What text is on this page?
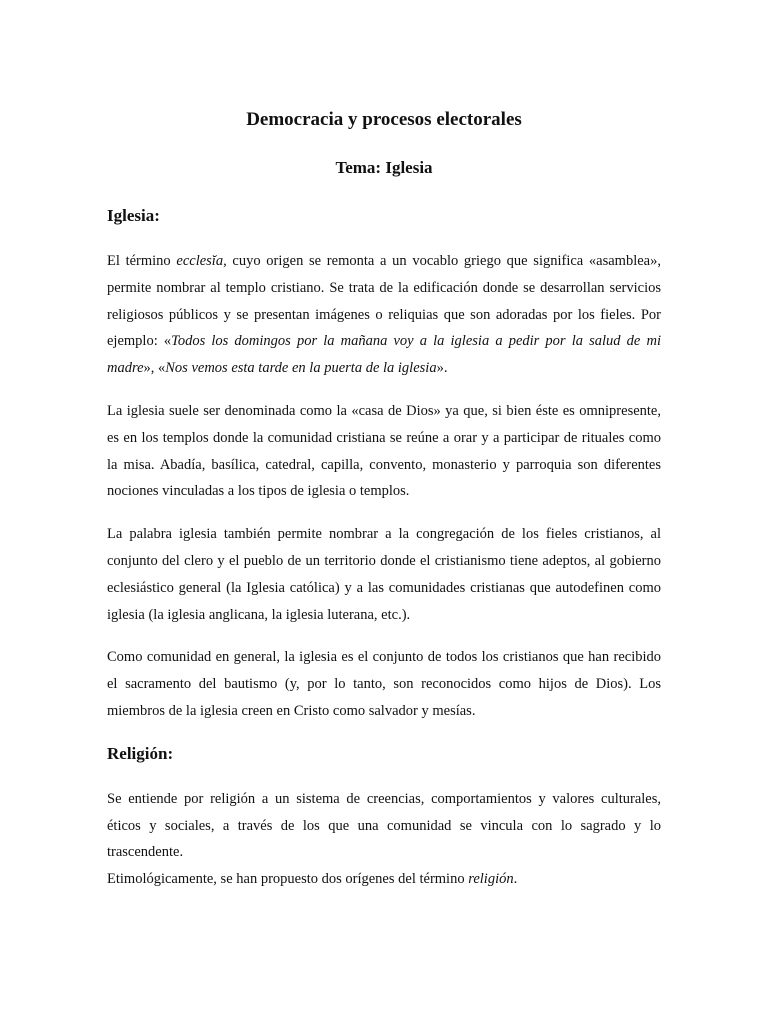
Democracia y procesos electorales
Tema: Iglesia
Iglesia:

El término ecclesĭa, cuyo origen se remonta a un vocablo griego que significa «asamblea», permite nombrar al templo cristiano. Se trata de la edificación donde se desarrollan servicios religiosos públicos y se presentan imágenes o reliquias que son adoradas por los fieles. Por ejemplo: «Todos los domingos por la mañana voy a la iglesia a pedir por la salud de mi madre», «Nos vemos esta tarde en la puerta de la iglesia».

La iglesia suele ser denominada como la «casa de Dios» ya que, si bien éste es omnipresente, es en los templos donde la comunidad cristiana se reúne a orar y a participar de rituales como la misa. Abadía, basílica, catedral, capilla, convento, monasterio y parroquia son diferentes nociones vinculadas a los tipos de iglesia o templos.

La palabra iglesia también permite nombrar a la congregación de los fieles cristianos, al conjunto del clero y el pueblo de un territorio donde el cristianismo tiene adeptos, al gobierno eclesiástico general (la Iglesia católica) y a las comunidades cristianas que autodefinen como iglesia (la iglesia anglicana, la iglesia luterana, etc.).

Como comunidad en general, la iglesia es el conjunto de todos los cristianos que han recibido el sacramento del bautismo (y, por lo tanto, son reconocidos como hijos de Dios). Los miembros de la iglesia creen en Cristo como salvador y mesías.

Religión:

Se entiende por religión a un sistema de creencias, comportamientos y valores culturales, éticos y sociales, a través de los que una comunidad se vincula con lo sagrado y lo trascendente.

Etimológicamente, se han propuesto dos orígenes del término religión.
